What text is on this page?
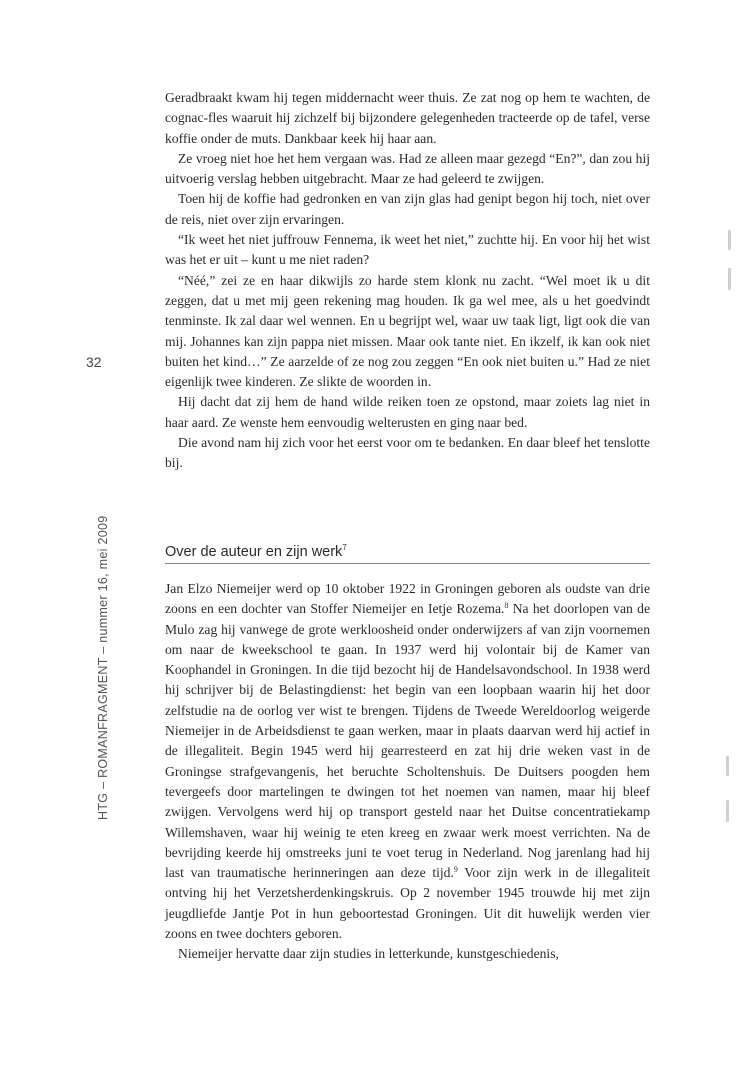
32
HTG – ROMANFRAGMENT – nummer 16, mei 2009

Geradbraakt kwam hij tegen middernacht weer thuis. Ze zat nog op hem te wachten, de cognac-fles waaruit hij zichzelf bij bijzondere gelegenheden tracteerde op de tafel, verse koffie onder de muts. Dankbaar keek hij haar aan.

Ze vroeg niet hoe het hem vergaan was. Had ze alleen maar gezegd “En?”, dan zou hij uitvoerig verslag hebben uitgebracht. Maar ze had geleerd te zwijgen.

Toen hij de koffie had gedronken en van zijn glas had genipt begon hij toch, niet over de reis, niet over zijn ervaringen.

“Ik weet het niet juffrouw Fennema, ik weet het niet,” zuchtte hij. En voor hij het wist was het er uit – kunt u me niet raden?

“Néé,” zei ze en haar dikwijls zo harde stem klonk nu zacht. “Wel moet ik u dit zeggen, dat u met mij geen rekening mag houden. Ik ga wel mee, als u het goedvindt tenminste. Ik zal daar wel wennen. En u begrijpt wel, waar uw taak ligt, ligt ook die van mij. Johannes kan zijn pappa niet missen. Maar ook tante niet. En ikzelf, ik kan ook niet buiten het kind…” Ze aarzelde of ze nog zou zeggen “En ook niet buiten u.” Had ze niet eigenlijk twee kinderen. Ze slikte de woorden in.

Hij dacht dat zij hem de hand wilde reiken toen ze opstond, maar zoiets lag niet in haar aard. Ze wenste hem eenvoudig welterusten en ging naar bed.

Die avond nam hij zich voor het eerst voor om te bedanken. En daar bleef het tenslotte bij.

Over de auteur en zijn werk$^7$

Jan Elzo Niemeijer werd op 10 oktober 1922 in Groningen geboren als oudste van drie zoons en een dochter van Stoffer Niemeijer en Ietje Rozema.$^8$ Na het doorlopen van de Mulo zag hij vanwege de grote werkloosheid onder onderwijzers af van zijn voornemen om naar de kweekschool te gaan. In 1937 werd hij volontair bij de Kamer van Koophandel in Groningen. In die tijd bezocht hij de Handelsavondschool. In 1938 werd hij schrijver bij de Belastingdienst: het begin van een loopbaan waarin hij het door zelfstudie na de oorlog ver wist te brengen. Tijdens de Tweede Wereldoorlog weigerde Niemeijer in de Arbeidsdienst te gaan werken, maar in plaats daarvan werd hij actief in de illegaliteit. Begin 1945 werd hij gearresteerd en zat hij drie weken vast in de Groningse strafgevangenis, het beruchte Scholtenshuis. De Duitsers poogden hem tevergeefs door martelingen te dwingen tot het noemen van namen, maar hij bleef zwijgen. Vervolgens werd hij op transport gesteld naar het Duitse concentratiekamp Willemshaven, waar hij weinig te eten kreeg en zwaar werk moest verrichten. Na de bevrijding keerde hij omstreeks juni te voet terug in Nederland. Nog jarenlang had hij last van traumatische herinneringen aan deze tijd.$^9$ Voor zijn werk in de illegaliteit ontving hij het Verzetsherdenkingskruis. Op 2 november 1945 trouwde hij met zijn jeugdliefde Jantje Pot in hun geboortestad Groningen. Uit dit huwelijk werden vier zoons en twee dochters geboren.

Niemeijer hervatte daar zijn studies in letterkunde, kunstgeschiedenis,
